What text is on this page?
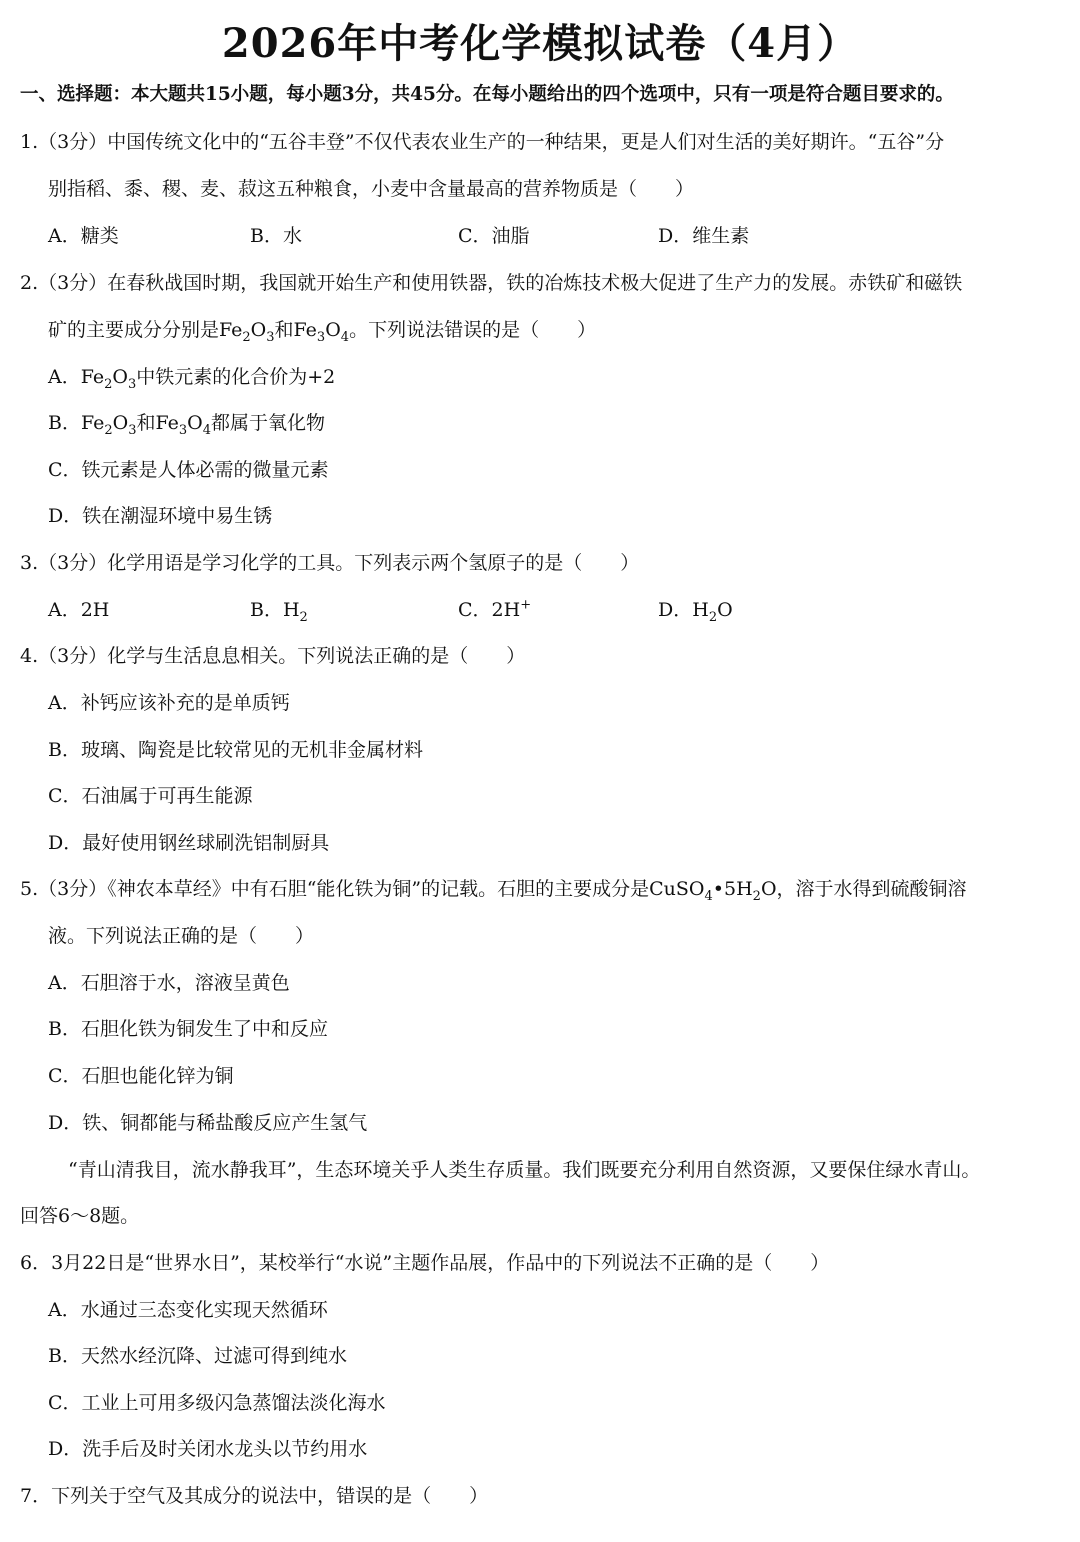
2026年中考化学模拟试卷（4月）
一、选择题：本大题共15小题，每小题3分，共45分。在每小题给出的四个选项中，只有一项是符合题目要求的。
1.（3分）中国传统文化中的“五谷丰登”不仅代表农业生产的一种结果，更是人们对生活的美好期许。“五谷”分
别指稻、黍、稷、麦、菽这五种粮食，小麦中含量最高的营养物质是（　　）
A．糖类	B．水	C．油脂	D．维生素
2.（3分）在春秋战国时期，我国就开始生产和使用铁器，铁的冶炼技术极大促进了生产力的发展。赤铁矿和磁铁
矿的主要成分分别是$Fe_2O_3$和$Fe_3O_4$。下列说法错误的是（　　）
A．$Fe_2O_3$中铁元素的化合价为+2
B．$Fe_2O_3$和$Fe_3O_4$都属于氧化物
C．铁元素是人体必需的微量元素
D．铁在潮湿环境中易生锈
3.（3分）化学用语是学习化学的工具。下列表示两个氢原子的是（　　）
A．2H	B．$H_2$	C．2H+	D．$H_2O$
4.（3分）化学与生活息息相关。下列说法正确的是（　　）
A．补钙应该补充的是单质钙
B．玻璃、陶瓷是比较常见的无机非金属材料
C．石油属于可再生能源
D．最好使用钢丝球刷洗铝制厨具
5.（3分）《神农本草经》中有石胆“能化铁为铜”的记载。石胆的主要成分是$CuSO_4•5H_2O$，溶于水得到硫酸铜溶
液。下列说法正确的是（　　）
A．石胆溶于水，溶液呈黄色
B．石胆化铁为铜发生了中和反应
C．石胆也能化锌为铜
D．铁、铜都能与稀盐酸反应产生氢气
“青山清我目，流水静我耳”，生态环境关乎人类生存质量。我们既要充分利用自然资源，又要保住绿水青山。
回答6～8题。
6．3月22日是“世界水日”，某校举行“水说”主题作品展，作品中的下列说法不正确的是（　　）
A．水通过三态变化实现天然循环
B．天然水经沉降、过滤可得到纯水
C．工业上可用多级闪急蒸馏法淡化海水
D．洗手后及时关闭水龙头以节约用水
7．下列关于空气及其成分的说法中，错误的是（　　）
